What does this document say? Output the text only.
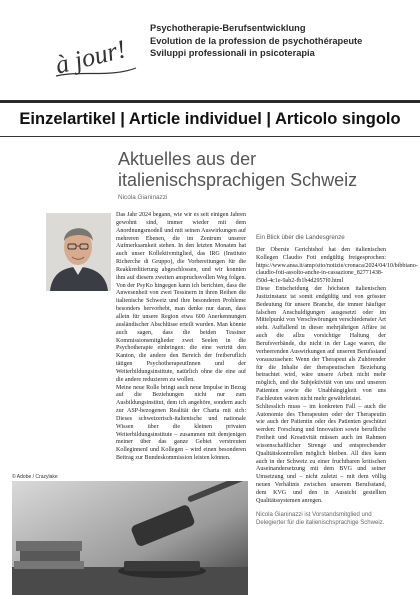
à jour!
Psychotherapie-Berufsentwicklung
Evolution de la profession de psychothérapeute
Sviluppi professionali in psicoterapia
Einzelartikel | Article individuel | Articolo singolo
Aktuelles aus der
italienischsprachigen Schweiz
Nicola Gianinazzi

Das Jahr 2024 begann, wie wir es seit einigen Jahren gewohnt sind, immer wieder mit dem Anordnungsmodell und mit seinen Auswirkungen auf mehreren Ebenen, die im Zentrum unserer Aufmerksamkeit stehen. In den letzten Monaten hat auch unser Kollektivmitglied, das IRG (Instituto Richerche di Gruppo), die Vorbereitungen für die Reakkreditierung abgeschlossen, und wir konnten ihm auf diesem zweiten anspruchsvollen Weg folgen. Von der PsyKo hingegen kann ich berichten, dass die Anwesenheit von zwei Tessinern in ihren Reihen die italienische Schweiz und ihre besonderen Probleme besonders hervorhebt, man denke nur daran, dass allein für unsere Region etwa 600 Anerkennungen ausländischer Abschlüsse erteilt wurden. Man könnte auch sagen, dass die beiden Tessiner Kommissionsmitglieder zwei Seelen in die Psychotherapie einbringen: die eine vertritt den Kanton, die andere den Bereich der freiberuflich tätigen PsychotherapeutInnen und der Weiterbildungsinstitute, natürlich ohne die eine auf die andere reduzieren zu wollen.

Meine neue Rolle bringt auch neue Impulse in Bezug auf die Beziehungen nicht nur zum Ausbildungsinstitut, dem ich angehöre, sondern auch zur ASP-bezogenen Realität der Charta mit sich: Dieses schweizerisch-italienische und nationale Wissen über die kleinen privaten Weiterbildungsinstitute – zusammen mit demjenigen meiner über das ganze Gebiet verstreuten KolleginnenI und Kollegen – wird einen besonderen Beitrag zur Bundeskommission leisten können.

Ein Blick über die Landesgrenze

Der Oberste Gerichtshof hat den italienischen Kollegen Claudio Foti endgültig freigesprochen: https://www.ansa.it/amp/sito/notizie/cronaca/2024/04/10/bibbiano-claudio-foti-assolto-anche-in-cassazione_82771438-f50d-4c1e-9ab2-fb1b4d2957f0.html

Diese Entscheidung der höchsten italienischen Justizinstanz ist somit endgültig und von grösster Bedeutung für unsere Branche, die immer häufiger falschen Anschuldigungen ausgesetzt oder im Mittelpunkt von Verschwörungen verschiedenster Art steht. Auffallend in dieser mehrjährigen Affäre ist auch die allzu vorsichtige Haltung der Berufsverbände, die nicht in der Lage waren, die verheerenden Auswirkungen auf unseren Berufsstand vorauszusehen: Wenn der Therapeut als Zuhörender für die Inhalte der therapeutischen Beziehung betrachtet wird, wäre unsere Arbeit nicht mehr möglich, und die Subjektivität von uns und unseren Patienten sowie die Unabhängigkeit von uns Fachleuten wären nicht mehr gewährleistet.

Schliesslich muss – im konkreten Fall – auch die Autonomie des Therapeuten oder der Therapeutin wie auch der Patientin oder des Patienten geschützt werden: Forschung und Innovation sowie berufliche Freiheit und Kreativität müssen auch im Rahmen wissenschaftlicher Strenge und entsprechender Qualitätskontrollen möglich bleiben. All dies kann auch in der Schweiz zu einer fruchtbaren kritischen Auseinandersetzung mit dem BVG und seiner Umsetzung und – nicht zuletzt – mit dem völlig neuen Verhältnis zwischen unserem Berufsstand, dem KVG und den in Aussicht gestellten Qualitätssystemen anregen.

Nicola Gianinazzi ist Vorstandsmitglied und Delegierter für die italienischsprachige Schweiz.

© Adobe / Crazylake
